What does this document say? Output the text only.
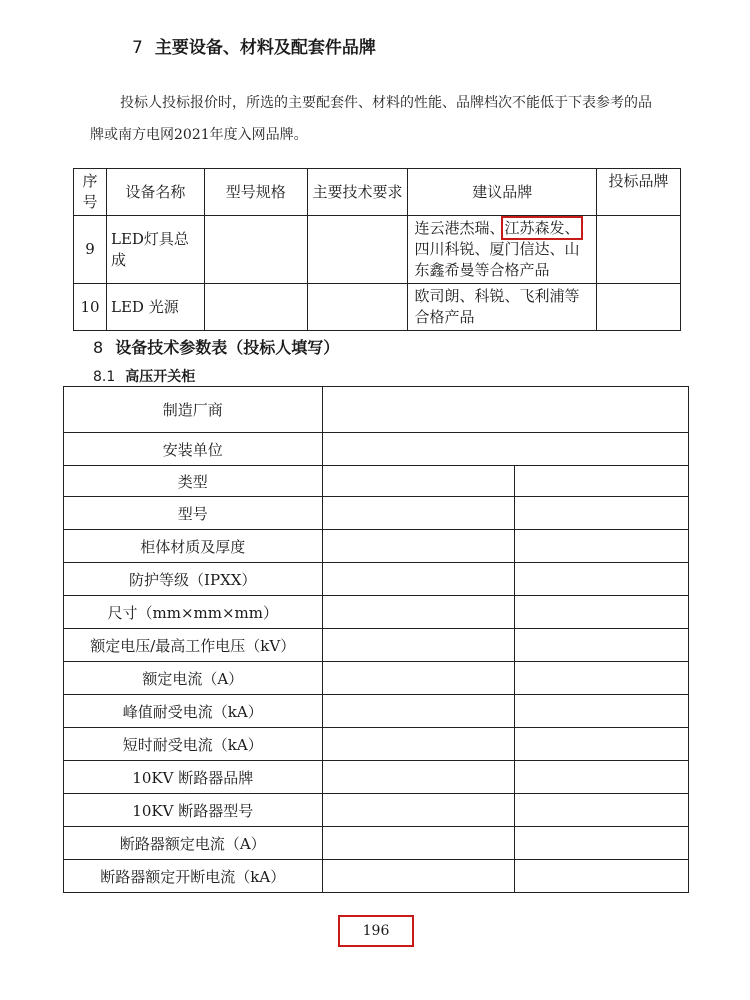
7 主要设备、材料及配套件品牌
投标人投标报价时，所选的主要配套件、材料的性能、品牌档次不能低于下表参考的品
牌或南方电网2021年度入网品牌。
序号	设备名称	型号规格	主要技术要求	建议品牌	投标品牌
9	LED灯具总成			连云港杰瑞、江苏森发、四川科锐、厦门信达、山东鑫希曼等合格产品	
10	LED 光源			欧司朗、科锐、飞利浦等合格产品	
8 设备技术参数表（投标人填写）
8.1 高压开关柜
制造厂商		
安装单位		
类型		
型号		
柜体材质及厚度		
防护等级（IPXX）		
尺寸（mm×mm×mm）		
额定电压/最高工作电压（kV）		
额定电流（A）		
峰值耐受电流（kA）		
短时耐受电流（kA）		
10KV 断路器品牌		
10KV 断路器型号		
断路器额定电流（A）		
断路器额定开断电流（kA）		
196
